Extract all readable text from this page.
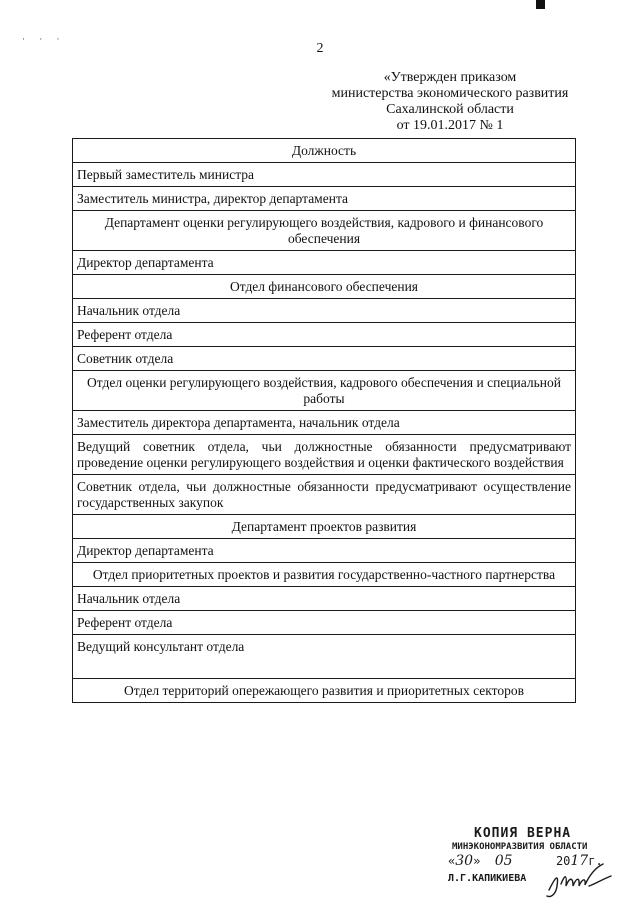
· · ·
2
«Утвержден приказом
министерства экономического развития
Сахалинской области
от 19.01.2017 № 1
Должность
Первый заместитель министра
Заместитель министра, директор департамента
Департамент оценки регулирующего воздействия, кадрового и финансового обеспечения
Директор департамента
Отдел финансового обеспечения
Начальник отдела
Референт отдела
Советник отдела
Отдел оценки регулирующего воздействия, кадрового обеспечения и специальной работы
Заместитель директора департамента, начальник отдела
Ведущий советник отдела, чьи должностные обязанности предусматривают проведение оценки регулирующего воздействия и оценки фактического воздействия
Советник отдела, чьи должностные обязанности предусматривают осуществление государственных закупок
Департамент проектов развития
Директор департамента
Отдел приоритетных проектов и развития государственно-частного партнерства
Начальник отдела
Референт отдела
Ведущий консультант отдела
Отдел территорий опережающего развития и приоритетных секторов
КОПИЯ ВЕРНА
МИНЭКОНОМРАЗВИТИЯ ОБЛАСТИ
«30» 05	2017г.
Л.Г.КАПИКИЕВА
